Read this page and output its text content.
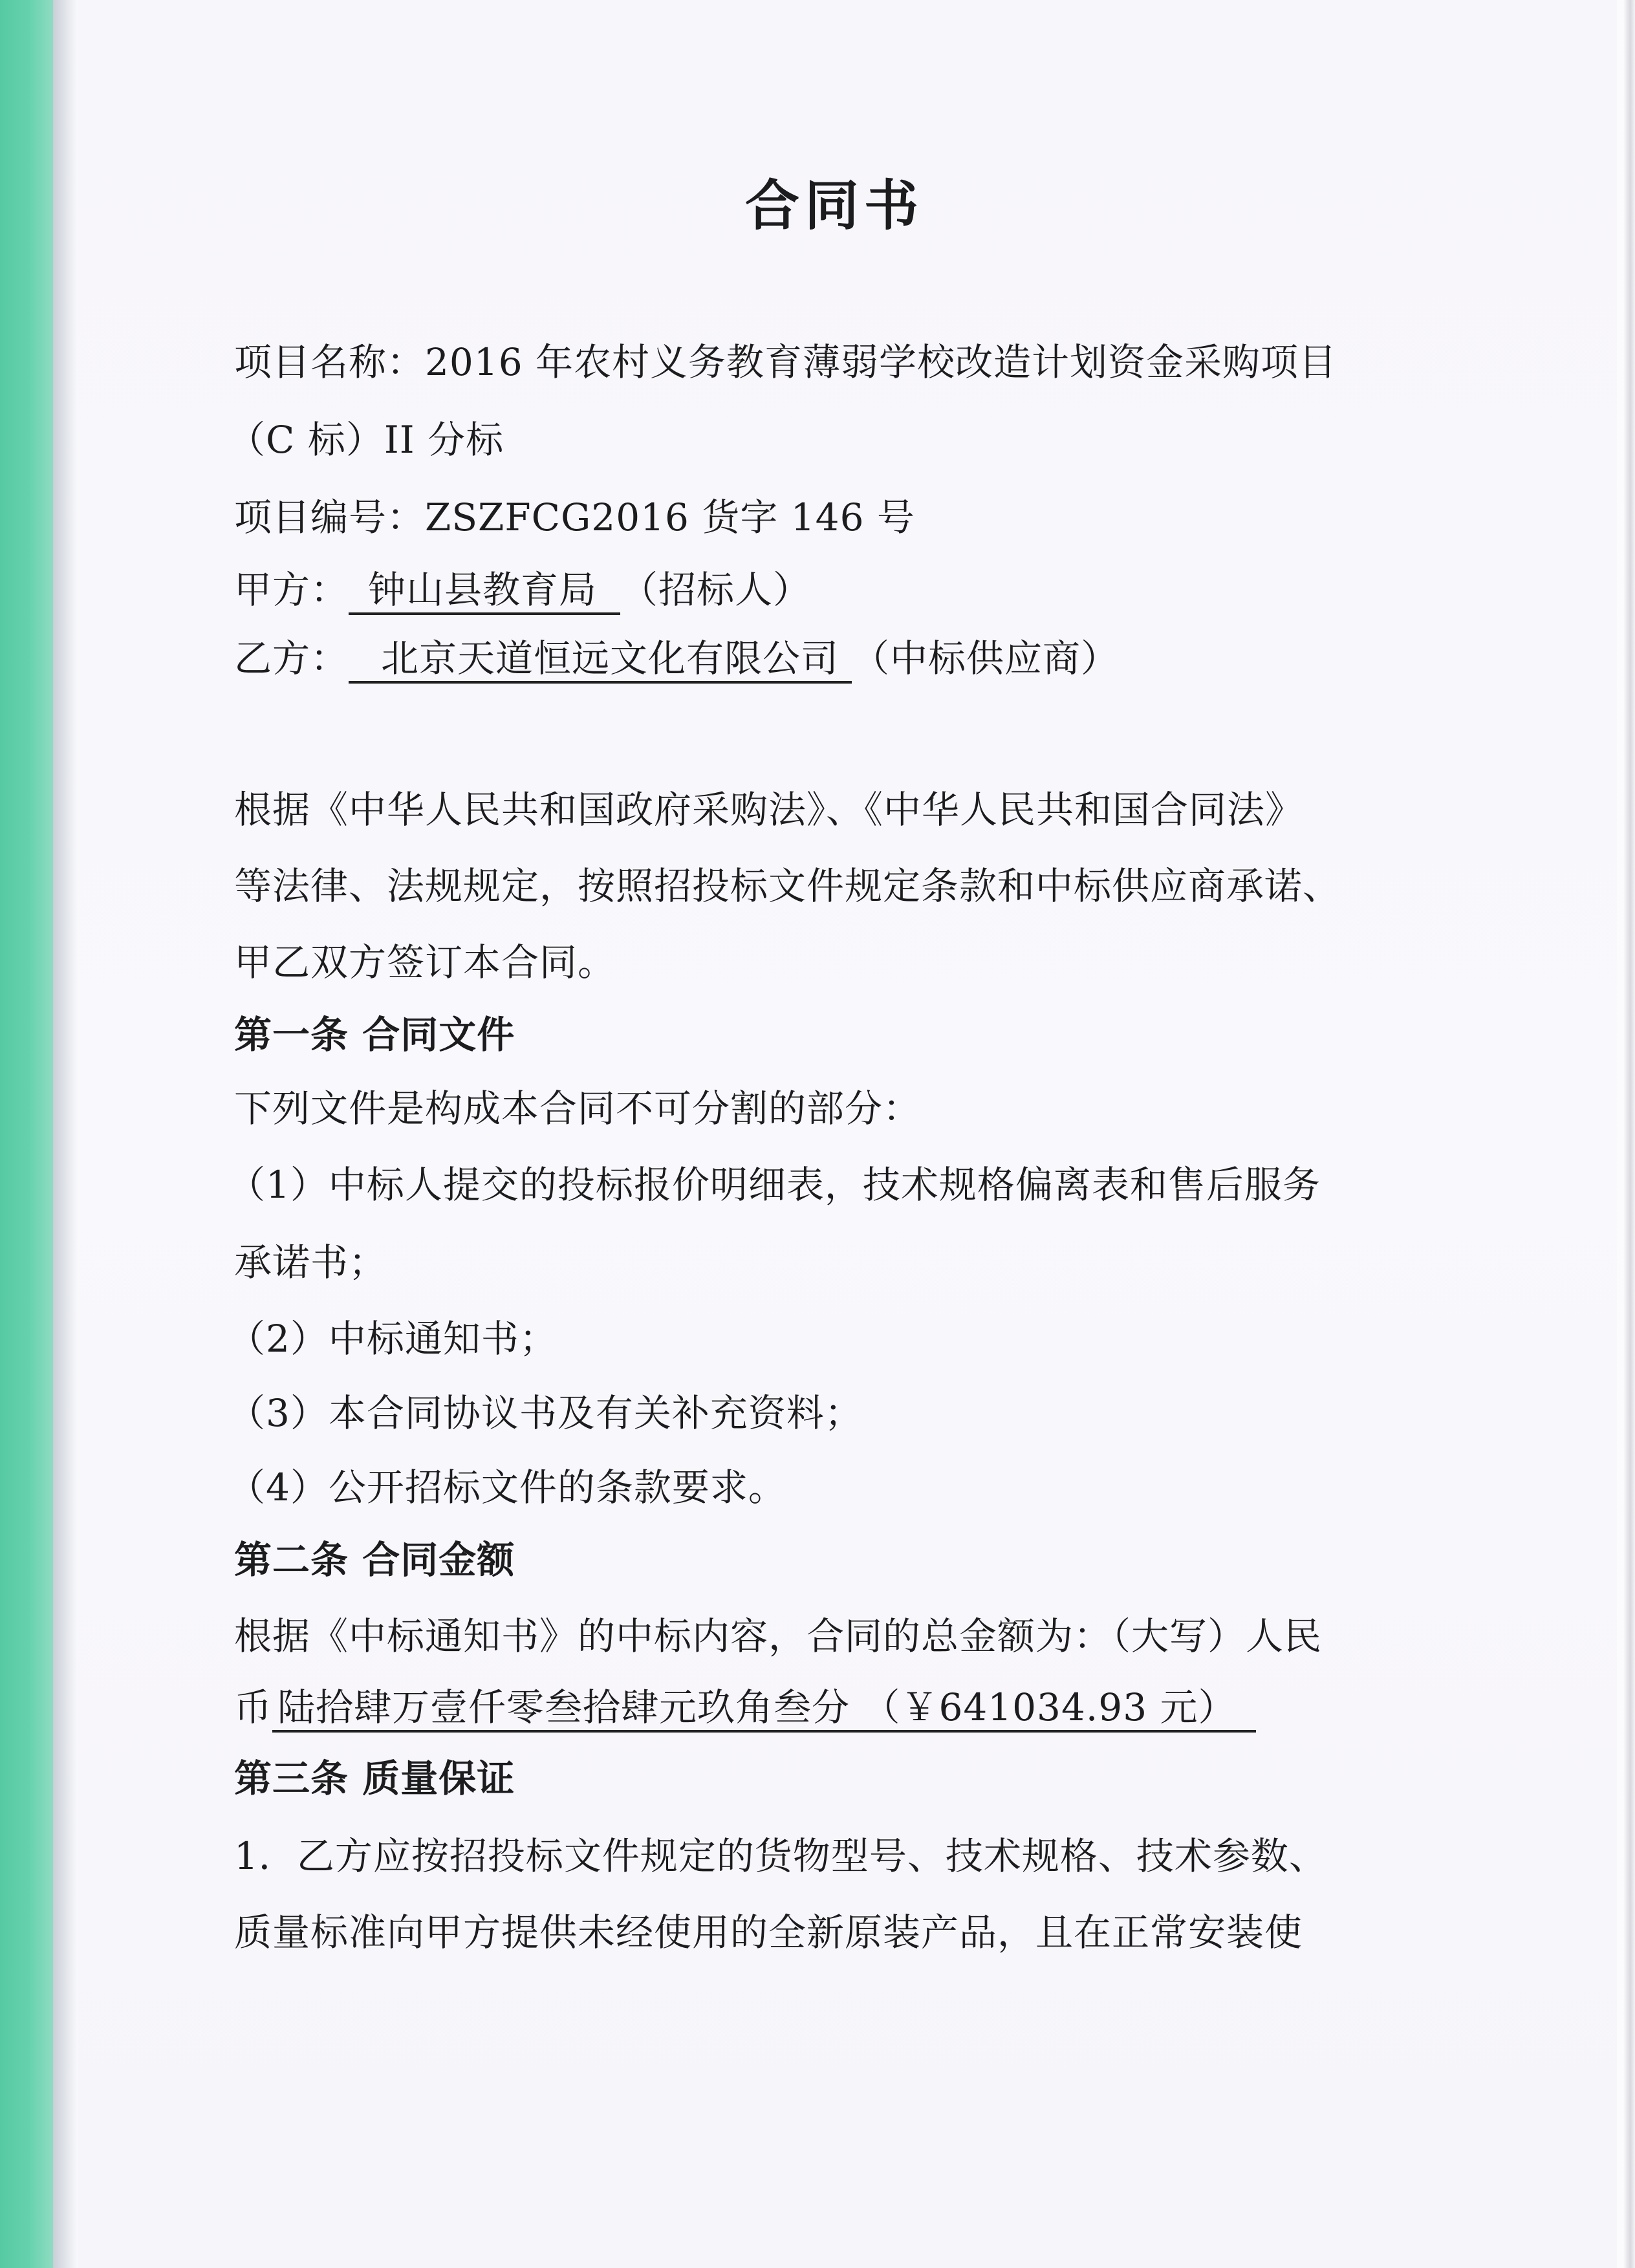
合同书
项目名称：2016 年农村义务教育薄弱学校改造计划资金采购项目
（C 标）II 分标
项目编号：ZSZFCG2016 货字 146 号
甲方： 钟山县教育局 （招标人）
乙方： 北京天道恒远文化有限公司 （中标供应商）
根据《中华人民共和国政府采购法》、《中华人民共和国合同法》
等法律、法规规定，按照招投标文件规定条款和中标供应商承诺、
甲乙双方签订本合同。
第一条 合同文件
下列文件是构成本合同不可分割的部分：
（1）中标人提交的投标报价明细表，技术规格偏离表和售后服务
承诺书；
（2）中标通知书；
（3）本合同协议书及有关补充资料；
（4）公开招标文件的条款要求。
第二条 合同金额
根据《中标通知书》的中标内容，合同的总金额为：（大写）人民
币 陆拾肆万壹仟零叁拾肆元玖角叁分 （￥641034.93 元）
第三条 质量保证
1．乙方应按招投标文件规定的货物型号、技术规格、技术参数、
质量标准向甲方提供未经使用的全新原装产品，且在正常安装使
